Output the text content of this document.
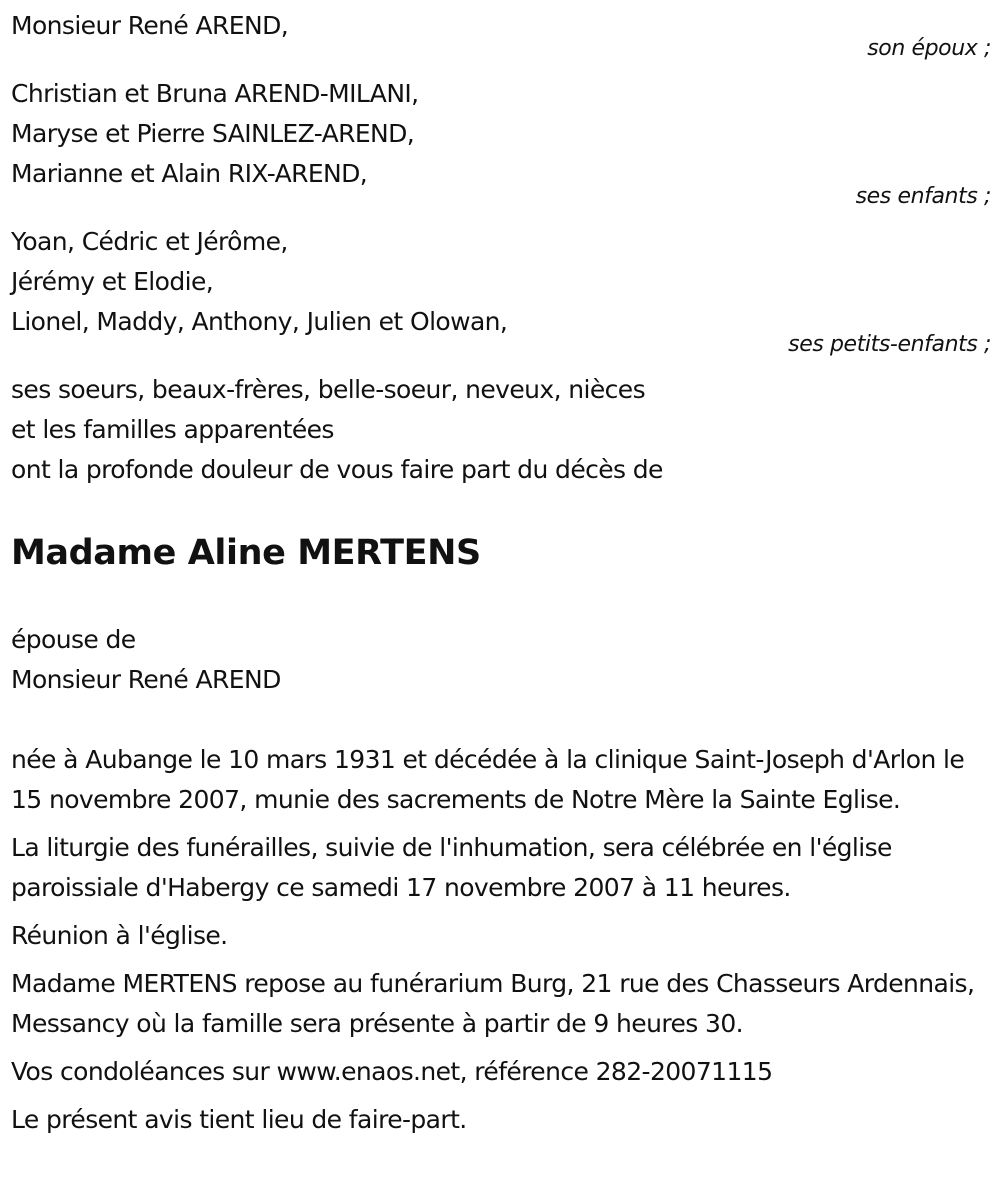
Monsieur René AREND,
son époux ;
Christian et Bruna AREND-MILANI,
Maryse et Pierre SAINLEZ-AREND,
Marianne et Alain RIX-AREND,
ses enfants ;
Yoan, Cédric et Jérôme,
Jérémy et Elodie,
Lionel, Maddy, Anthony, Julien et Olowan,
ses petits-enfants ;
ses soeurs, beaux-frères, belle-soeur, neveux, nièces
et les familles apparentées
ont la profonde douleur de vous faire part du décès de
Madame Aline MERTENS
épouse de
Monsieur René AREND
née à Aubange le 10 mars 1931 et décédée à la clinique Saint-Joseph d'Arlon le 15 novembre 2007, munie des sacrements de Notre Mère la Sainte Eglise.
La liturgie des funérailles, suivie de l'inhumation, sera célébrée en l'église paroissiale d'Habergy ce samedi 17 novembre 2007 à 11 heures.
Réunion à l'église.
Madame MERTENS repose au funérarium Burg, 21 rue des Chasseurs Ardennais, Messancy où la famille sera présente à partir de 9 heures 30.
Vos condoléances sur www.enaos.net, référence 282-20071115
Le présent avis tient lieu de faire-part.
